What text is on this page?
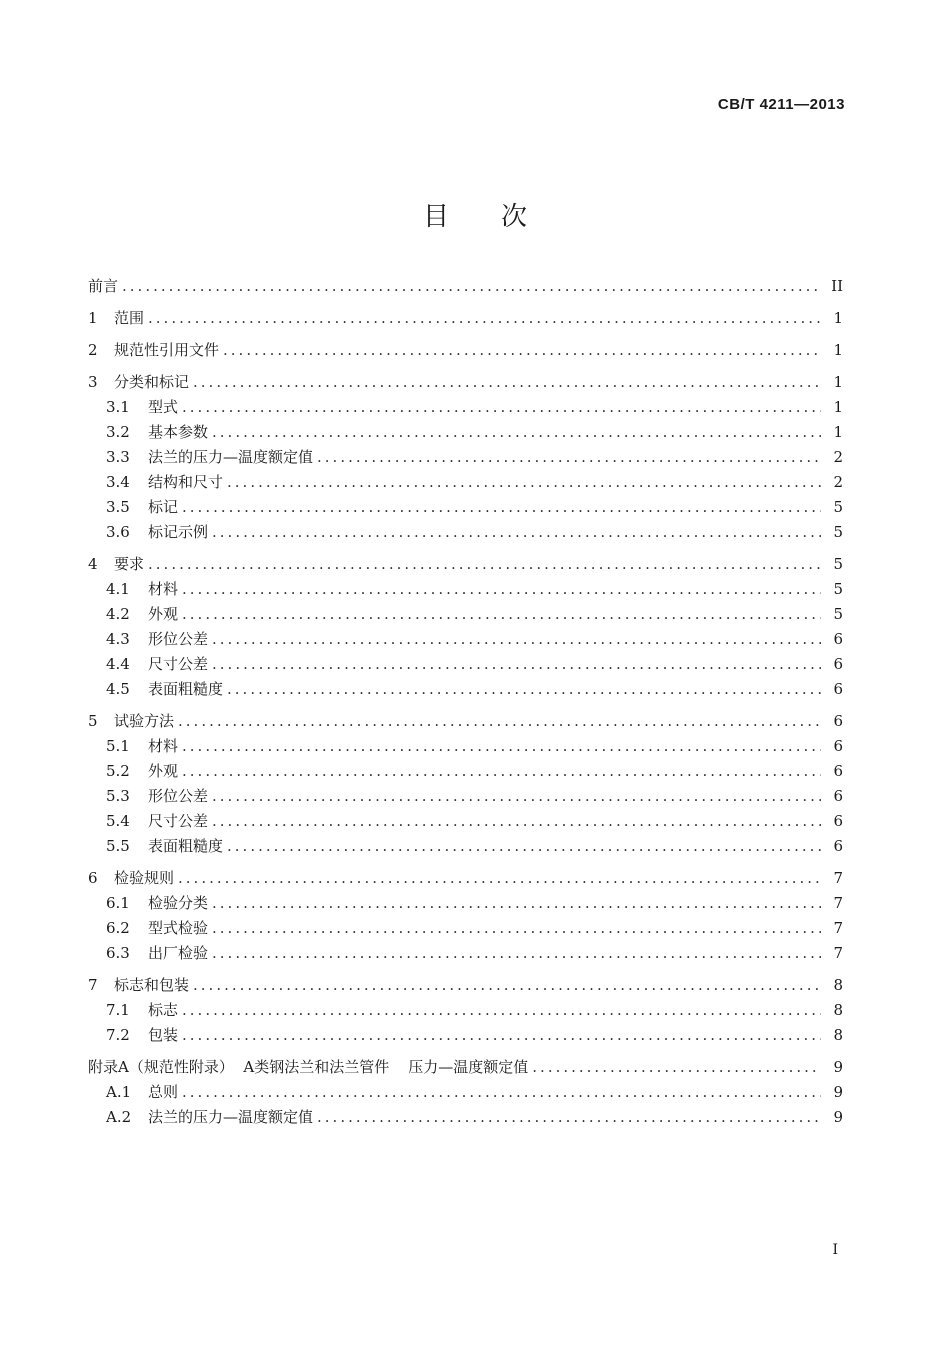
CB/T 4211—2013
目次
前言 .....	II
1	范围 .....	1
2	规范性引用文件 .....	1
3	分类和标记 .....	1
3.1	型式 .....	1
3.2	基本参数 .....	1
3.3	法兰的压力—温度额定值 .....	2
3.4	结构和尺寸 .....	2
3.5	标记 .....	5
3.6	标记示例 .....	5
4	要求 .....	5
4.1	材料 .....	5
4.2	外观 .....	5
4.3	形位公差 .....	6
4.4	尺寸公差 .....	6
4.5	表面粗糙度 .....	6
5	试验方法 .....	6
5.1	材料 .....	6
5.2	外观 .....	6
5.3	形位公差 .....	6
5.4	尺寸公差 .....	6
5.5	表面粗糙度 .....	6
6	检验规则 .....	7
6.1	检验分类 .....	7
6.2	型式检验 .....	7
6.3	出厂检验 .....	7
7	标志和包装 .....	8
7.1	标志 .....	8
7.2	包装 .....	8
附录A（规范性附录）  A类钢法兰和法兰管件    压力—温度额定值 .....	9
A.1	总则 .....	9
A.2	法兰的压力—温度额定值 .....	9
I
